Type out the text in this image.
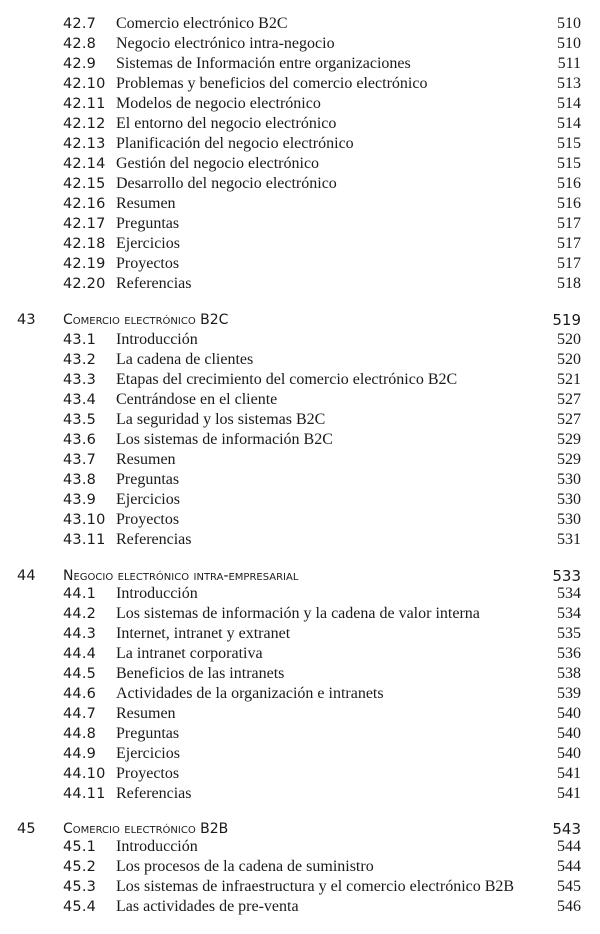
42.7 Comercio electrónico B2C	510
42.8 Negocio electrónico intra-negocio	510
42.9 Sistemas de Información entre organizaciones	511
42.10 Problemas y beneficios del comercio electrónico	513
42.11 Modelos de negocio electrónico	514
42.12 El entorno del negocio electrónico	514
42.13 Planificación del negocio electrónico	515
42.14 Gestión del negocio electrónico	515
42.15 Desarrollo del negocio electrónico	516
42.16 Resumen	516
42.17 Preguntas	517
42.18 Ejercicios	517
42.19 Proyectos	517
42.20 Referencias	518
43 Comercio electrónico B2C	519
43.1 Introducción	520
43.2 La cadena de clientes	520
43.3 Etapas del crecimiento del comercio electrónico B2C	521
43.4 Centrándose en el cliente	527
43.5 La seguridad y los sistemas B2C	527
43.6 Los sistemas de información B2C	529
43.7 Resumen	529
43.8 Preguntas	530
43.9 Ejercicios	530
43.10 Proyectos	530
43.11 Referencias	531
44 Negocio electrónico intra-empresarial	533
44.1 Introducción	534
44.2 Los sistemas de información y la cadena de valor interna	534
44.3 Internet, intranet y extranet	535
44.4 La intranet corporativa	536
44.5 Beneficios de las intranets	538
44.6 Actividades de la organización e intranets	539
44.7 Resumen	540
44.8 Preguntas	540
44.9 Ejercicios	540
44.10 Proyectos	541
44.11 Referencias	541
45 Comercio electrónico B2B	543
45.1 Introducción	544
45.2 Los procesos de la cadena de suministro	544
45.3 Los sistemas de infraestructura y el comercio electrónico B2B	545
45.4 Las actividades de pre-venta	546
